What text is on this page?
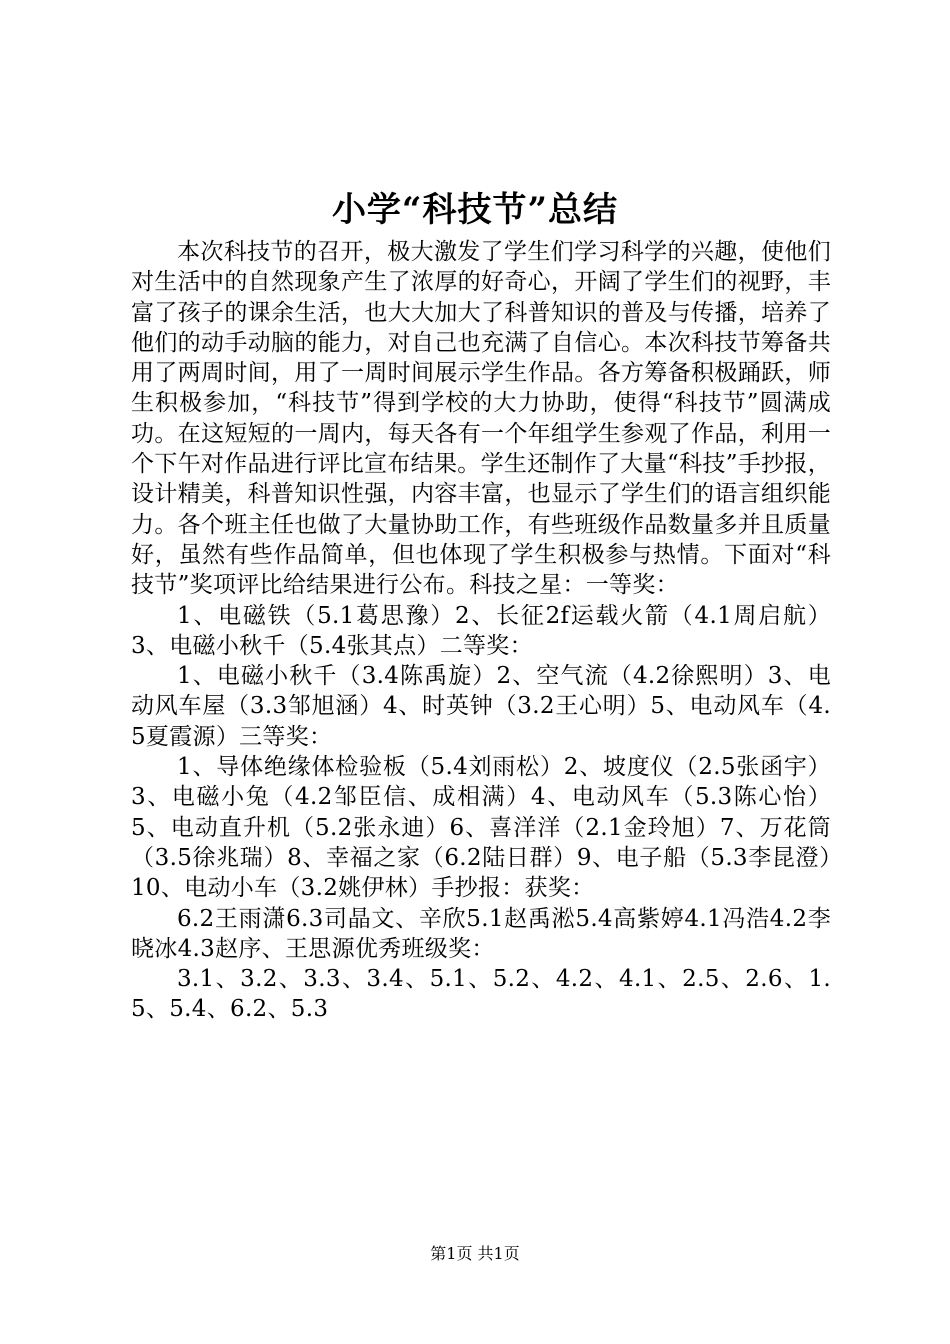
小学“科技节”总结

本次科技节的召开，极大激发了学生们学习科学的兴趣，使他们对生活中的自然现象产生了浓厚的好奇心，开阔了学生们的视野，丰富了孩子的课余生活，也大大加大了科普知识的普及与传播，培养了他们的动手动脑的能力，对自己也充满了自信心。本次科技节筹备共用了两周时间，用了一周时间展示学生作品。各方筹备积极踊跃，师生积极参加，“科技节”得到学校的大力协助，使得“科技节”圆满成功。在这短短的一周内，每天各有一个年组学生参观了作品，利用一个下午对作品进行评比宣布结果。学生还制作了大量“科技”手抄报，设计精美，科普知识性强，内容丰富，也显示了学生们的语言组织能力。各个班主任也做了大量协助工作，有些班级作品数量多并且质量好，虽然有些作品简单，但也体现了学生积极参与热情。下面对“科技节”奖项评比给结果进行公布。科技之星：一等奖：

1、电磁铁（5.1葛思豫）2、长征2f运载火箭（4.1周启航）3、电磁小秋千（5.4张其点）二等奖：

1、电磁小秋千（3.4陈禹旋）2、空气流（4.2徐熙明）3、电动风车屋（3.3邹旭涵）4、时英钟（3.2王心明）5、电动风车（4.5夏霞源）三等奖：

1、导体绝缘体检验板（5.4刘雨松）2、坡度仪（2.5张函宇）3、电磁小兔（4.2邹臣信、成相满）4、电动风车（5.3陈心怡）5、电动直升机（5.2张永迪）6、喜洋洋（2.1金玲旭）7、万花筒（3.5徐兆瑞）8、幸福之家（6.2陆日群）9、电子船（5.3李昆澄）10、电动小车（3.2姚伊林）手抄报：获奖：

6.2王雨潇6.3司晶文、辛欣5.1赵禹淞5.4高紫婷4.1冯浩4.2李晓冰4.3赵序、王思源优秀班级奖：

3.1、3.2、3.3、3.4、5.1、5.2、4.2、4.1、2.5、2.6、1.5、5.4、6.2、5.3

第1页 共1页
